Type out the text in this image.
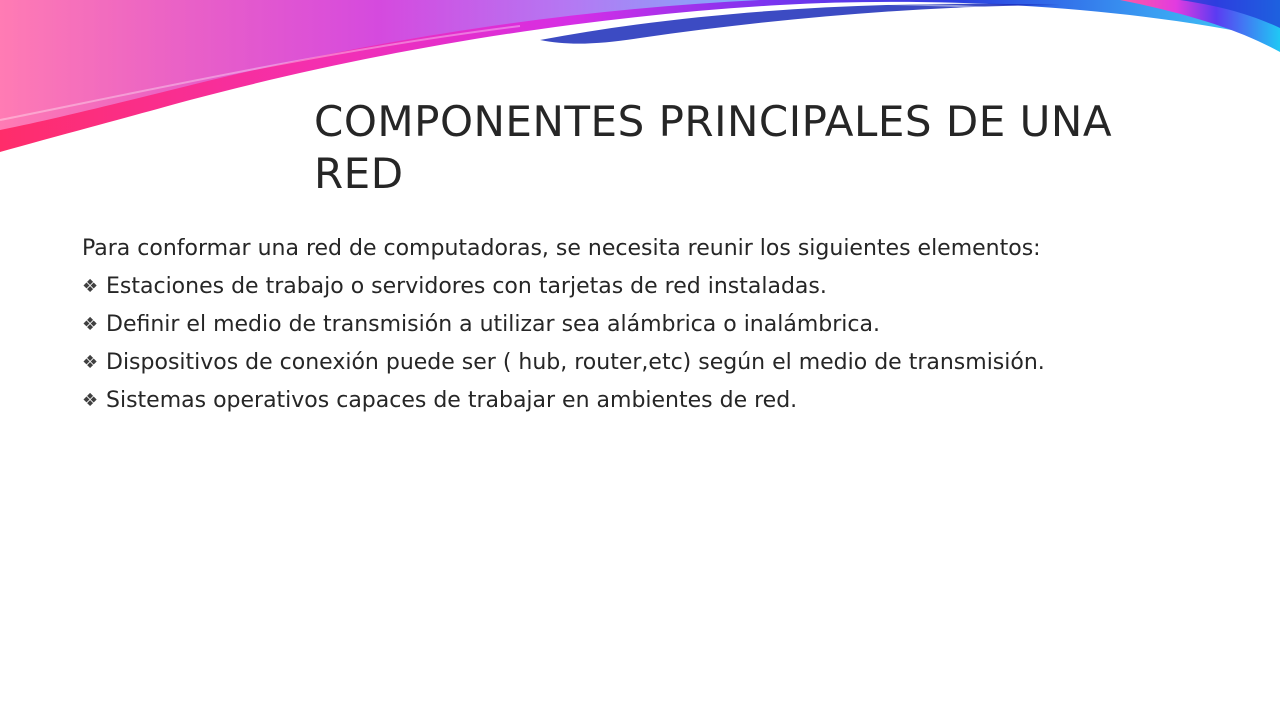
COMPONENTES PRINCIPALES DE UNA RED

Para conformar una red de computadoras, se necesita reunir los siguientes elementos:

❖ Estaciones de trabajo o servidores con tarjetas de red instaladas.
❖ Definir el medio de transmisión a utilizar sea alámbrica o inalámbrica.
❖ Dispositivos de conexión puede ser ( hub, router,etc) según el medio de transmisión.
❖ Sistemas operativos capaces de trabajar en ambientes de red.
